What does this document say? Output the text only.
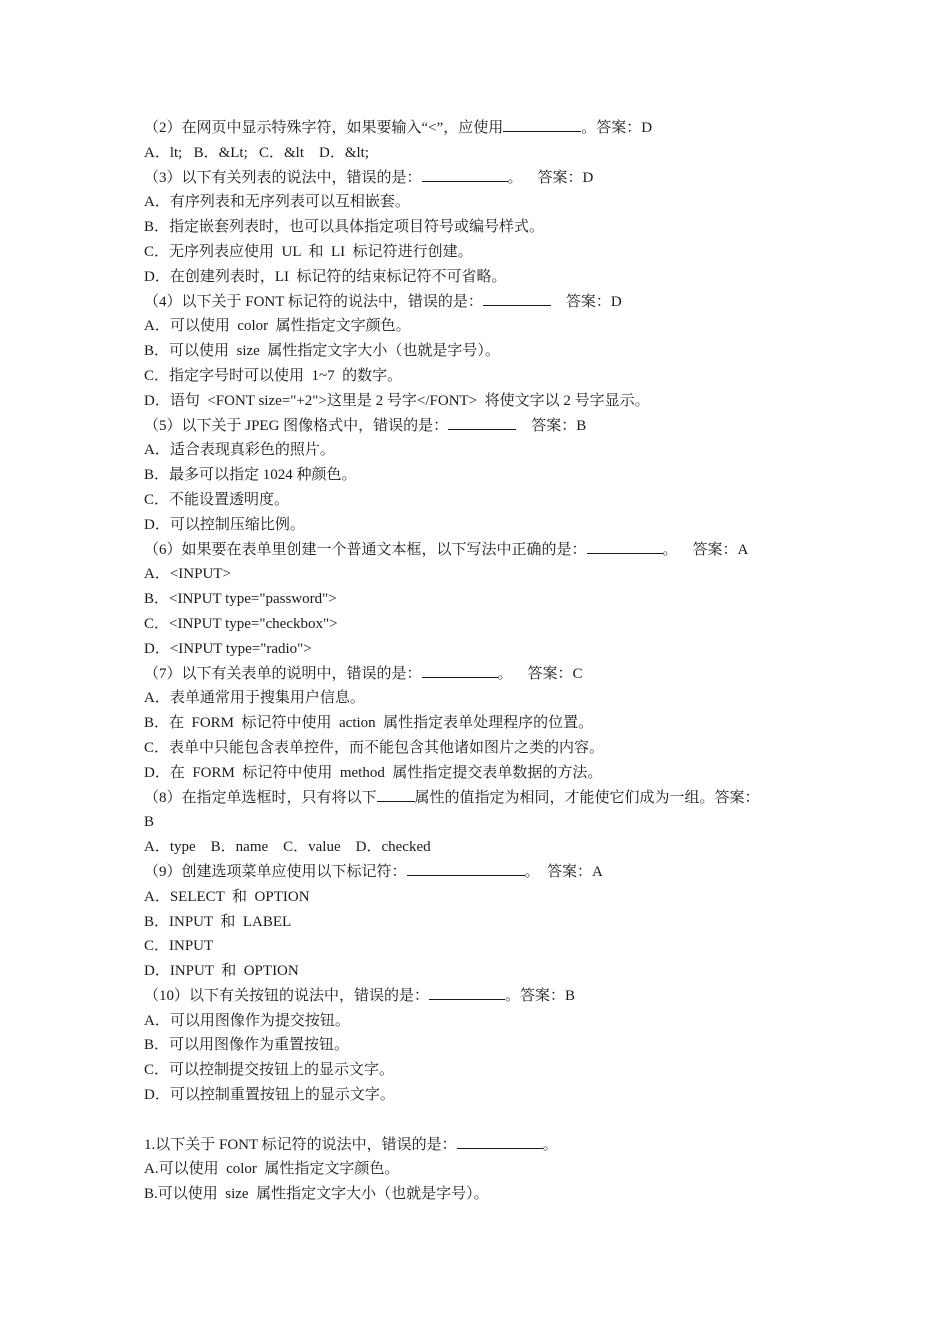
（2）在网页中显示特殊字符，如果要输入“<”，应使用	。答案：D
A．lt;   B．&Lt;   C．&lt    D．&lt;
（3）以下有关列表的说法中，错误的是：	。    答案：D
A．有序列表和无序列表可以互相嵌套。
B．指定嵌套列表时，也可以具体指定项目符号或编号样式。
C．无序列表应使用  UL  和  LI  标记符进行创建。
D．在创建列表时，LI  标记符的结束标记符不可省略。
（4）以下关于 FONT 标记符的说法中，错误的是：	答案：D
A．可以使用  color  属性指定文字颜色。
B．可以使用  size  属性指定文字大小（也就是字号）。
C．指定字号时可以使用  1~7  的数字。
D．语句  <FONT size="+2">这里是 2 号字</FONT>  将使文字以 2 号字显示。
（5）以下关于 JPEG 图像格式中，错误的是：	答案：B
A．适合表现真彩色的照片。
B．最多可以指定 1024 种颜色。
C．不能设置透明度。
D．可以控制压缩比例。
（6）如果要在表单里创建一个普通文本框，以下写法中正确的是：	。    答案：A
A．<INPUT>
B．<INPUT type="password">
C．<INPUT type="checkbox">
D．<INPUT type="radio">
（7）以下有关表单的说明中，错误的是：	。    答案：C
A．表单通常用于搜集用户信息。
B．在  FORM  标记符中使用  action  属性指定表单处理程序的位置。
C．表单中只能包含表单控件，而不能包含其他诸如图片之类的内容。
D．在  FORM  标记符中使用  method  属性指定提交表单数据的方法。
（8）在指定单选框时，只有将以下	属性的值指定为相同，才能使它们成为一组。答案：
B
A．type    B．name    C．value    D．checked
（9）创建选项菜单应使用以下标记符：	。  答案：A
A．SELECT  和  OPTION
B．INPUT  和  LABEL
C．INPUT
D．INPUT  和  OPTION
（10）以下有关按钮的说法中，错误的是：	。答案：B
A．可以用图像作为提交按钮。
B．可以用图像作为重置按钮。
C．可以控制提交按钮上的显示文字。
D．可以控制重置按钮上的显示文字。
1.以下关于 FONT 标记符的说法中，错误的是：	。
A.可以使用  color  属性指定文字颜色。
B.可以使用  size  属性指定文字大小（也就是字号）。
